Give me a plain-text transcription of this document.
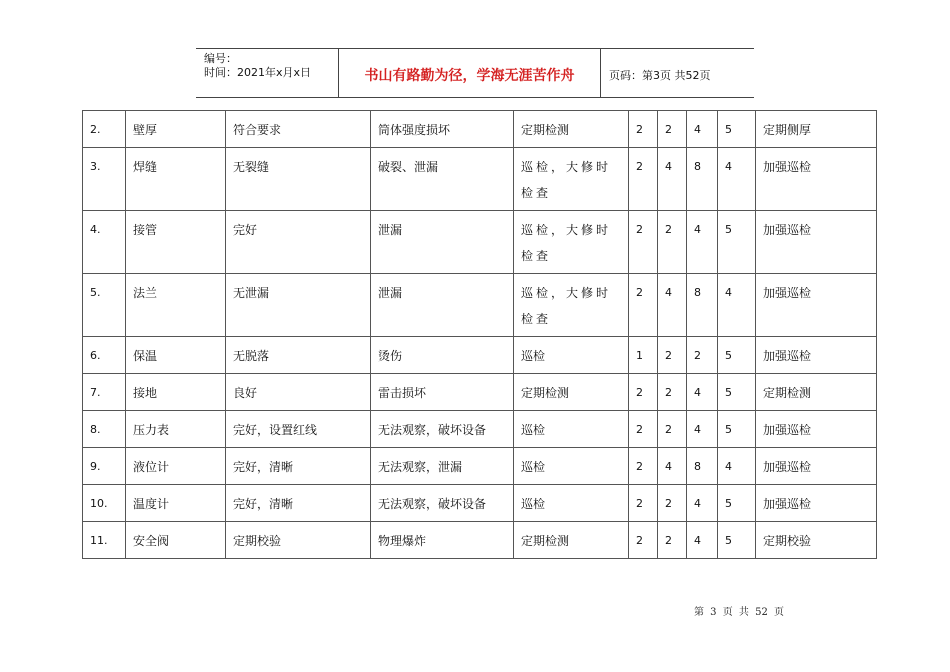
编号：
时间：2021年x月x日	书山有路勤为径，学海无涯苦作舟	页码：第3页 共52页
2.	壁厚	符合要求	筒体强度损坏	定期检测	2	2	4	5	定期侧厚
3.	焊缝	无裂缝	破裂、泄漏	巡检，大修时检查	2	4	8	4	加强巡检
4.	接管	完好	泄漏	巡检，大修时检查	2	2	4	5	加强巡检
5.	法兰	无泄漏	泄漏	巡检，大修时检查	2	4	8	4	加强巡检
6.	保温	无脱落	烫伤	巡检	1	2	2	5	加强巡检
7.	接地	良好	雷击损坏	定期检测	2	2	4	5	定期检测
8.	压力表	完好，设置红线	无法观察，破坏设备	巡检	2	2	4	5	加强巡检
9.	液位计	完好，清晰	无法观察，泄漏	巡检	2	4	8	4	加强巡检
10.	温度计	完好，清晰	无法观察，破坏设备	巡检	2	2	4	5	加强巡检
11.	安全阀	定期校验	物理爆炸	定期检测	2	2	4	5	定期校验
第 3 页 共 52 页
